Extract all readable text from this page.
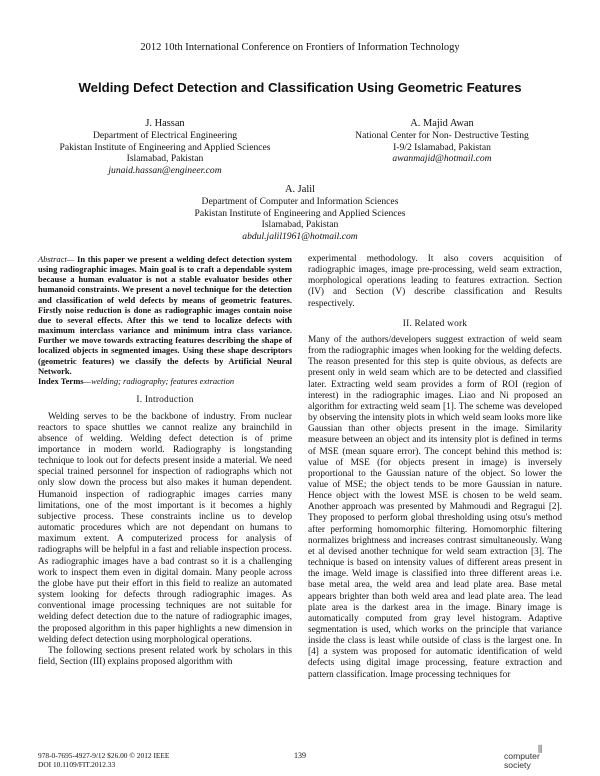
2012 10th International Conference on Frontiers of Information Technology
Welding Defect Detection and Classification Using Geometric Features
J. Hassan
Department of Electrical Engineering
Pakistan Institute of Engineering and Applied Sciences
Islamabad, Pakistan
junaid.hassan@engineer.com
A. Majid Awan
National Center for Non- Destructive Testing
I-9/2 Islamabad, Pakistan
awanmajid@hotmail.com
A. Jalil
Department of Computer and Information Sciences
Pakistan Institute of Engineering and Applied Sciences
Islamabad, Pakistan
abdul.jalil1961@hotmail.com

Abstract— In this paper we present a welding defect detection system using radiographic images. Main goal is to craft a dependable system because a human evaluator is not a stable evaluator besides other humanoid constraints. We present a novel technique for the detection and classification of weld defects by means of geometric features. Firstly noise reduction is done as radiographic images contain noise due to several effects. After this we tend to localize defects with maximum interclass variance and minimum intra class variance. Further we move towards extracting features describing the shape of localized objects in segmented images. Using these shape descriptors (geometric features) we classify the defects by Artificial Neural Network.

Index Terms—welding; radiography; features extraction

I. Introduction

Welding serves to be the backbone of industry. From nuclear reactors to space shuttles we cannot realize any brainchild in absence of welding. Welding defect detection is of prime importance in modern world. Radiography is longstanding technique to look out for defects present inside a material. We need special trained personnel for inspection of radiographs which not only slow down the process but also makes it human dependent. Humanoid inspection of radiographic images carries many limitations, one of the most important is it becomes a highly subjective process. These constraints incline us to develop automatic procedures which are not dependant on humans to maximum extent. A computerized process for analysis of radiographs will be helpful in a fast and reliable inspection process. As radiographic images have a bad contrast so it is a challenging work to inspect them even in digital domain. Many people across the globe have put their effort in this field to realize an automated system looking for defects through radiographic images. As conventional image processing techniques are not suitable for welding defect detection due to the nature of radiographic images, the proposed algorithm in this paper highlights a new dimension in welding defect detection using morphological operations.

The following sections present related work by scholars in this field, Section (III) explains proposed algorithm with

experimental methodology. It also covers acquisition of radiographic images, image pre-processing, weld seam extraction, morphological operations leading to features extraction. Section (IV) and Section (V) describe classification and Results respectively.

II. Related work

Many of the authors/developers suggest extraction of weld seam from the radiographic images when looking for the welding defects. The reason presented for this step is quite obvious, as defects are present only in weld seam which are to be detected and classified later. Extracting weld seam provides a form of ROI (region of interest) in the radiographic images. Liao and Ni proposed an algorithm for extracting weld seam [1]. The scheme was developed by observing the intensity plots in which weld seam looks more like Gaussian than other objects present in the image. Similarity measure between an object and its intensity plot is defined in terms of MSE (mean square error). The concept behind this method is: value of MSE (for objects present in image) is inversely proportional to the Gaussian nature of the object. So lower the value of MSE; the object tends to be more Gaussian in nature. Hence object with the lowest MSE is chosen to be weld seam. Another approach was presented by Mahmoudi and Regragui [2]. They proposed to perform global thresholding using otsu's method after performing homomorphic filtering. Homomorphic filtering normalizes brightness and increases contrast simultaneously. Wang et al devised another technique for weld seam extraction [3]. The technique is based on intensity values of different areas present in the image. Weld image is classified into three different areas i.e. base metal area, the weld area and lead plate area. Base metal appears brighter than both weld area and lead plate area. The lead plate area is the darkest area in the image. Binary image is automatically computed from gray level histogram. Adaptive segmentation is used, which works on the principle that variance inside the class is least while outside of class is the largest one. In [4] a system was proposed for automatic identification of weld defects using digital image processing, feature extraction and pattern classification. Image processing techniques for

978-0-7695-4927-9/12 $26.00 © 2012 IEEE
DOI 10.1109/FIT.2012.33
139
⫼
computer
society
